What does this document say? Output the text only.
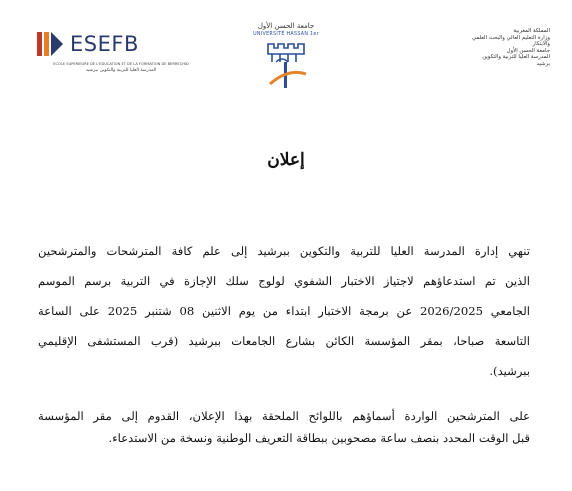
ESEFB
ECOLE SUPERIEURE DE L'EDUCATION ET DE LA FORMATION DE BERRECHID
المدرسة العليا للتربية والتكوين ببرشيد
جامعة الحسن الأول
UNIVERSITÉ HASSAN 1er
المملكة المغربية
وزارة التعليم العالي والبحث العلمي
والابتكار
جامعة الحسن الأول
المدرسة العليا للتربية والتكوين
برشيد
إعلان
تنهي إدارة المدرسة العليا للتربية والتكوين ببرشيد إلى علم كافة المترشحات والمترشحين
الذين تم استدعاؤهم لاجتياز الاختبار الشفوي لولوج سلك الإجازة في التربية برسم الموسم
الجامعي 2026/2025 عن برمجة الاختبار ابتداء من يوم الاثنين 08 شتنبر 2025 على الساعة
التاسعة صباحا، بمقر المؤسسة الكائن بشارع الجامعات ببرشيد (قرب المستشفى الإقليمي
ببرشيد).
على المترشحين الواردة أسماؤهم باللوائح الملحقة بهذا الإعلان، القدوم إلى مقر المؤسسة
قبل الوقت المحدد بنصف ساعة مصحوبين ببطاقة التعريف الوطنية ونسخة من الاستدعاء.
